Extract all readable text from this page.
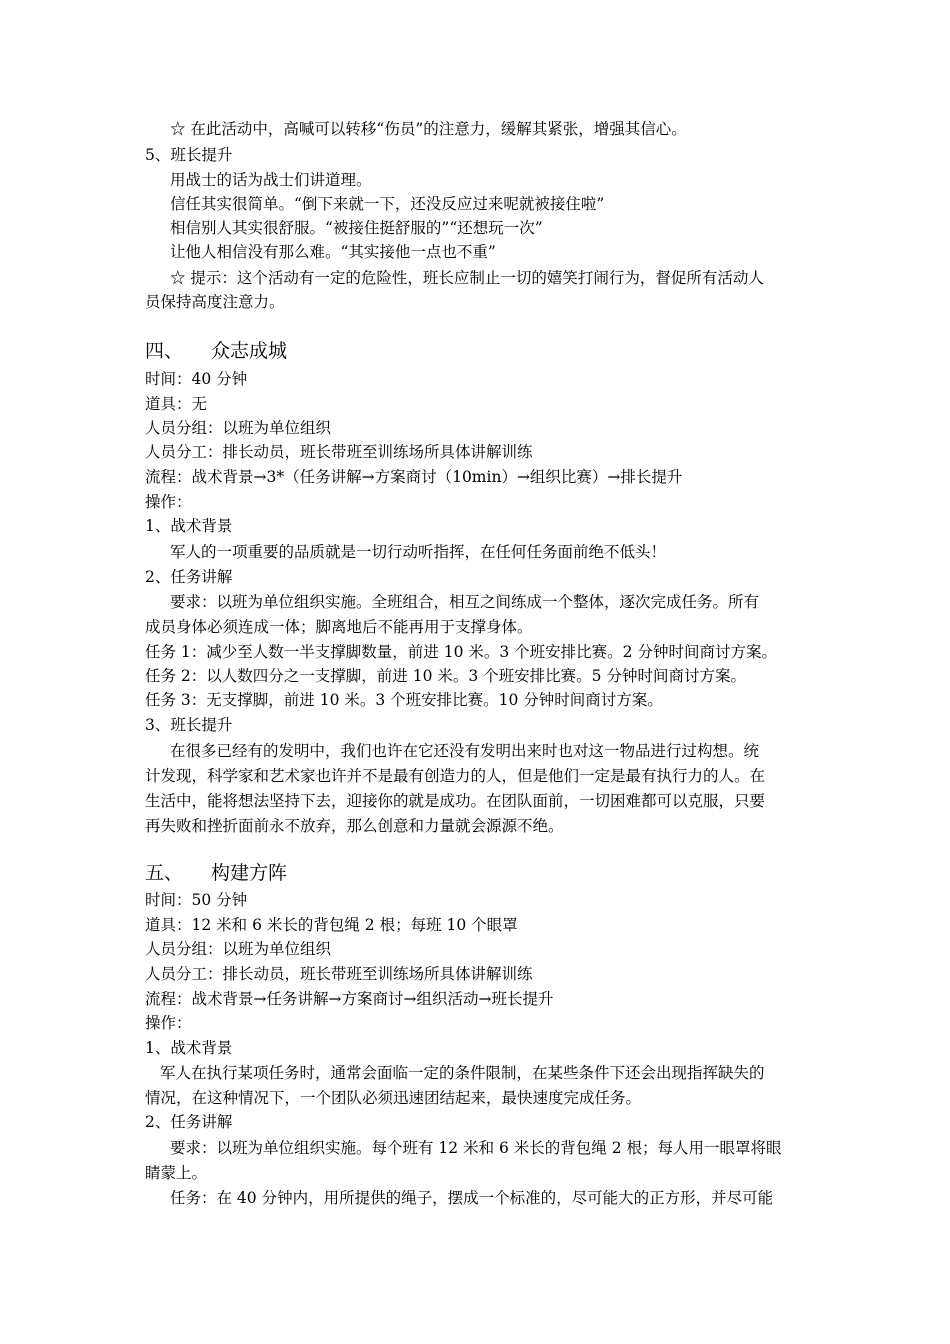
☆ 在此活动中，高喊可以转移“伤员”的注意力，缓解其紧张，增强其信心。
5、班长提升
用战士的话为战士们讲道理。
信任其实很简单。“倒下来就一下，还没反应过来呢就被接住啦”
相信别人其实很舒服。“被接住挺舒服的”“还想玩一次”
让他人相信没有那么难。“其实接他一点也不重”
☆ 提示：这个活动有一定的危险性，班长应制止一切的嬉笑打闹行为，督促所有活动人
员保持高度注意力。
四、 众志成城
时间：40 分钟
道具：无
人员分组：以班为单位组织
人员分工：排长动员，班长带班至训练场所具体讲解训练
流程：战术背景→3*（任务讲解→方案商讨（10min）→组织比赛）→排长提升
操作：
1、战术背景
军人的一项重要的品质就是一切行动听指挥，在任何任务面前绝不低头！
2、任务讲解
要求：以班为单位组织实施。全班组合，相互之间练成一个整体，逐次完成任务。所有
成员身体必须连成一体；脚离地后不能再用于支撑身体。
任务 1：减少至人数一半支撑脚数量，前进 10 米。3 个班安排比赛。2 分钟时间商讨方案。
任务 2：以人数四分之一支撑脚，前进 10 米。3 个班安排比赛。5 分钟时间商讨方案。
任务 3：无支撑脚，前进 10 米。3 个班安排比赛。10 分钟时间商讨方案。
3、班长提升
在很多已经有的发明中，我们也许在它还没有发明出来时也对这一物品进行过构想。统
计发现，科学家和艺术家也许并不是最有创造力的人，但是他们一定是最有执行力的人。在
生活中，能将想法坚持下去，迎接你的就是成功。在团队面前，一切困难都可以克服，只要
再失败和挫折面前永不放弃，那么创意和力量就会源源不绝。
五、 构建方阵
时间：50 分钟
道具：12 米和 6 米长的背包绳 2 根；每班 10 个眼罩
人员分组：以班为单位组织
人员分工：排长动员，班长带班至训练场所具体讲解训练
流程：战术背景→任务讲解→方案商讨→组织活动→班长提升
操作：
1、战术背景
军人在执行某项任务时，通常会面临一定的条件限制，在某些条件下还会出现指挥缺失的
情况，在这种情况下，一个团队必须迅速团结起来，最快速度完成任务。
2、任务讲解
要求：以班为单位组织实施。每个班有 12 米和 6 米长的背包绳 2 根；每人用一眼罩将眼
睛蒙上。
任务：在 40 分钟内，用所提供的绳子，摆成一个标准的，尽可能大的正方形，并尽可能
